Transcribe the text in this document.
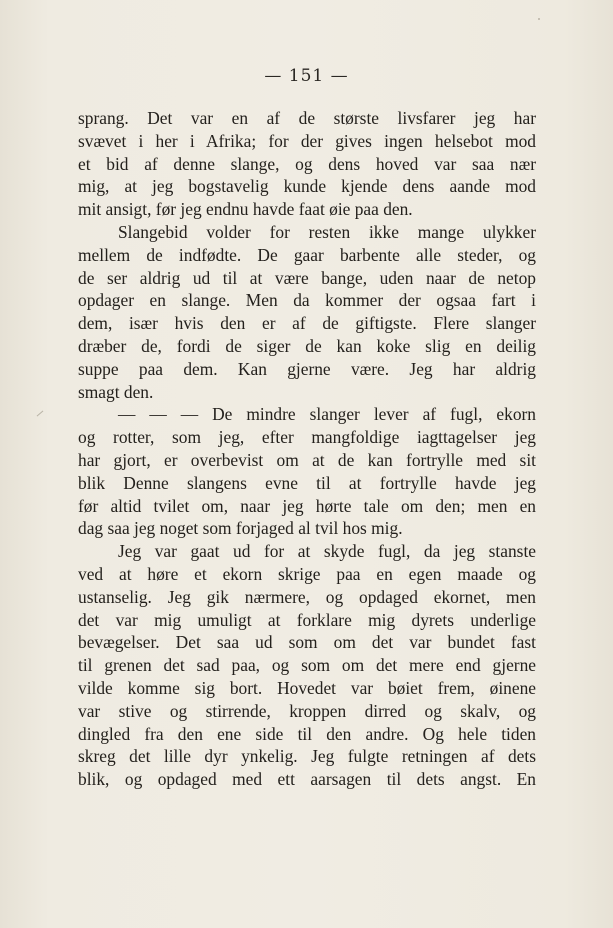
— 151 —
sprang. Det var en af de største livsfarer jeg har
svævet i her i Afrika; for der gives ingen helsebot mod
et bid af denne slange, og dens hoved var saa nær
mig, at jeg bogstavelig kunde kjende dens aande mod
mit ansigt, før jeg endnu havde faat øie paa den.
Slangebid volder for resten ikke mange ulykker
mellem de indfødte. De gaar barbente alle steder, og
de ser aldrig ud til at være bange, uden naar de netop
opdager en slange. Men da kommer der ogsaa fart i
dem, især hvis den er af de giftigste. Flere slanger
dræber de, fordi de siger de kan koke slig en deilig
suppe paa dem. Kan gjerne være. Jeg har aldrig
smagt den.
— — — De mindre slanger lever af fugl, ekorn
og rotter, som jeg, efter mangfoldige iagttagelser jeg
har gjort, er overbevist om at de kan fortrylle med sit
blik Denne slangens evne til at fortrylle havde jeg
før altid tvilet om, naar jeg hørte tale om den; men en
dag saa jeg noget som forjaged al tvil hos mig.
Jeg var gaat ud for at skyde fugl, da jeg stanste
ved at høre et ekorn skrige paa en egen maade og
ustanselig. Jeg gik nærmere, og opdaged ekornet, men
det var mig umuligt at forklare mig dyrets underlige
bevægelser. Det saa ud som om det var bundet fast
til grenen det sad paa, og som om det mere end gjerne
vilde komme sig bort. Hovedet var bøiet frem, øinene
var stive og stirrende, kroppen dirred og skalv, og
dingled fra den ene side til den andre. Og hele tiden
skreg det lille dyr ynkelig. Jeg fulgte retningen af dets
blik, og opdaged med ett aarsagen til dets angst. En
